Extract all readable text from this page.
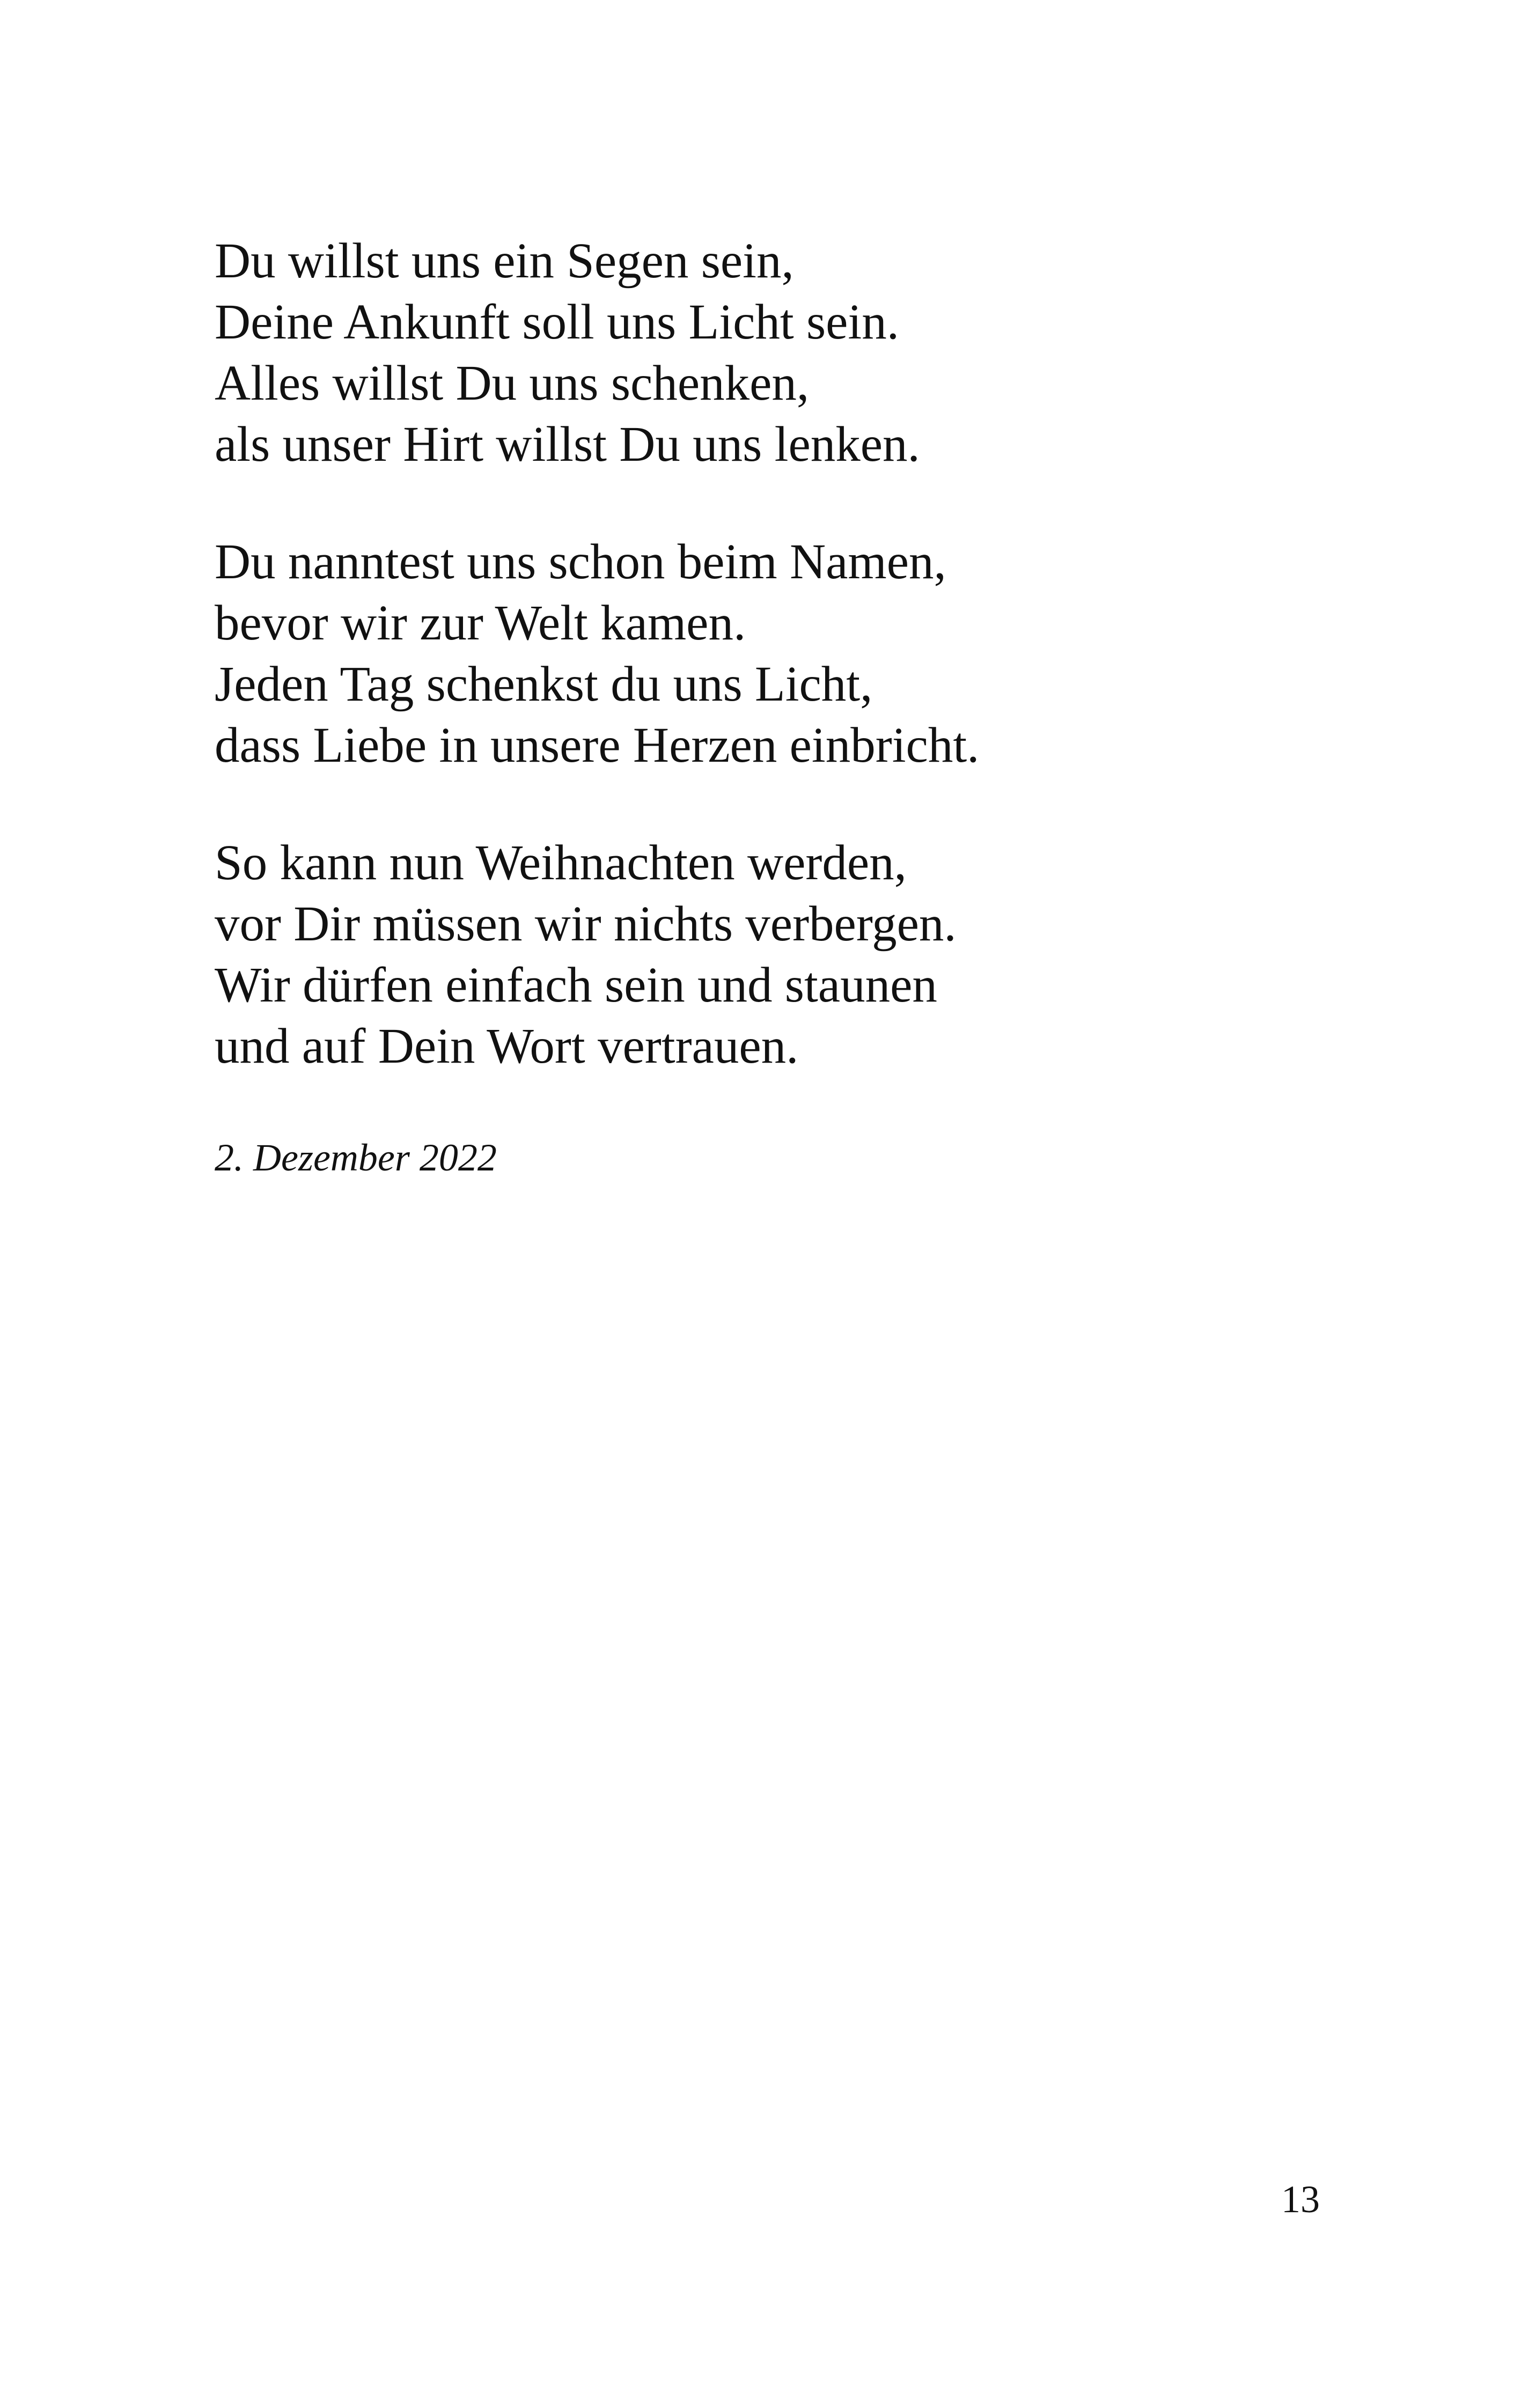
Du willst uns ein Segen sein,
Deine Ankunft soll uns Licht sein.
Alles willst Du uns schenken,
als unser Hirt willst Du uns lenken.
Du nanntest uns schon beim Namen,
bevor wir zur Welt kamen.
Jeden Tag schenkst du uns Licht,
dass Liebe in unsere Herzen einbricht.
So kann nun Weihnachten werden,
vor Dir müssen wir nichts verbergen.
Wir dürfen einfach sein und staunen
und auf Dein Wort vertrauen.
2. Dezember 2022
13
